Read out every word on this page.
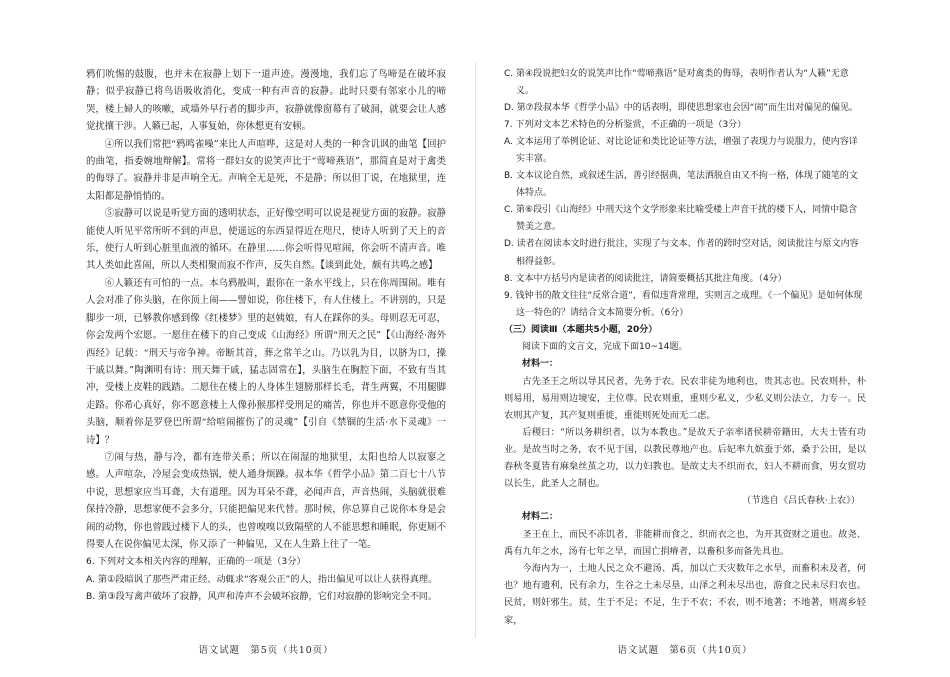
鸦们吮惕的鼓腹，也并未在寂静上划下一道声迹。漫漫地，我们忘了鸟啼是在破坏寂静；似乎寂静已将鸟语吸收消化，变成一种有声音的寂静。此时只要有邻家小儿的啼哭，楼上婦人的咳嗽，或墙外早行者的脚步声，寂静就像窗幕有了破洞，就要会让人感觉扰攘干涉。人籁已起，人事复始，你休想更有安顿。

④所以我们常把“鸦鸣雀噪”来比人声喧哗，这是对人类的一种含讥讽的曲笔【回护的曲笔，指委婉地辩解】。常将一群妇女的说笑声比于“莺啼燕语”，那简直是对于禽类的侮辱了。寂静并非是声响全无。声响全无是死，不是静；所以但丁说，在地狱里，连太阳都是静悄悄的。

⑤寂静可以说是听觉方面的透明状态，正好像空明可以说是视觉方面的寂静。寂静能使人听见平常所听不到的声息，使遥远的东西显得近在咫尺，使诗人听到了天上的音乐，使行人听到心脏里血液的循环。在静里……你会听得见喧闹，你会听不清声音。唯其人类如此喜闹，所以人类相聚而寂不作声，反失自然。【谈到此处，颇有共鸣之感】

⑥人籁还有可怕的一点。本乌鸦般叫，跟你在一条水平线上，只在你周围闹。唯有人会对准了你头脑，在你顶上闹——譬如说，你住楼下，有人住楼上。不讲别的，只是脚步一项，已够教你感到像《红楼梦》里的赵姨娘，有人在踩你的头。母则忍无可忍，你会发两个宏愿。一愿住在楼下的自己变成《山海经》所谓“刑天之民”【《山海经·海外西经》记载：“刑天与帝争神。帝断其首，葬之常羊之山。乃以乳为目，以脐为口，操干戚以舞。”陶渊明有诗：刑天舞干戚，猛志固常在】，头脑生在胸腔下面，不致有当其冲，受楼上皮鞋的践踏。二愿住在楼上的人身体生翅膀那样长毛，背生两翼，不用腿脚走路。你希心真好，你不愿意楼上人像孙猴那样受刑足的痛苦，你也并不愿意你受他的头脑，顺着你是罗登巴所谓“给喧闹摧伤了的灵魂”【引自《禁锢的生活·水下灵魂》一诗】？

⑦闹与热，静与冷，都有连带关系；所以在闹湿的地狱里，太阳也给人以寂寥之感。人声喧杂，冷屋会变成热锅，使人通身烦躁。叔本华《哲学小品》第二百七十八节中说，思想家应当耳聋，大有道理。因为耳朵不聋，必闻声音，声音热闹，头脑就很难保持冷静，思想家便不会多分，只能把偏见来代替。那时候，你总算自己说你本身是会闹的动物，你也曾践过楼下人的头，也曾嗅嗅以致隔壁的人不能思想和睡眠，你更厕不得要人在说你偏见太深，你又添了一种偏见，又在人生路上往了一笔。

6. 下列对文本相关内容的理解，正确的一项是（3分）

A. 第①段暗讽了那些严肃正经、动辄求“客观公正”的人，指出偏见可以让人获得真理。

B. 第③段写禽声破坏了寂静，风声和涛声不会破坏寂静，它们对寂静的影响完全不同。

语文试题　第5页（共10页）

C. 第④段说把妇女的说笑声比作“莺啼燕语”是对禽类的侮辱，表明作者认为“人籁”无意义。

D. 第⑦段叔本华《哲学小品》中的话表明，即使思想家也会因“闹”而生出对偏见的偏见。

7. 下列对文本艺术特色的分析鉴赏，不正确的一项是（3分）

A. 文本运用了举例论证、对比论证和类比论证等方法，增强了表现力与说服力，使内容详实丰富。

B. 文本议论自然，或叙述生活，善引经据典，笔法洒脱自由又不拘一格，体现了随笔的文体特点。

C. 第⑥段引《山海经》中刑天这个文学形象来比喻受楼上声音干扰的楼下人，同情中隐含赞美之意。

D. 读者在阅读本文时进行批注，实现了与文本、作者的跨时空对话，阅读批注与原文内容相得益彰。

8. 文本中方括号内是读者的阅读批注，请简要概括其批注角度。（4分）

9. 钱钟书的散文往往“反常合道”，看似违背常理，实则言之成理。《一个偏见》是如何体现这一特色的？请结合文本简要分析。（6分）

（三）阅读Ⅲ（本题共5小题，20分）

阅读下面的文言文，完成下面10~14题。

材料一：

古先圣王之所以导其民者，先务于农。民农非徒为地利也，贵其志也。民农则朴，朴则易用，易用则边境安，主位尊。民农则重，重则少私义，少私义则公法立，力专一。民农则其产复，其产复则重徙，重徙则死处而无二虑。

后稷曰：“所以务耕织者，以为本教也。”是故天子亲率诸侯耕帝籍田，大夫士皆有功业。是故当时之务，农不见于国，以教民尊地产也。后妃率九嫔蚕于郊，桑于公田，是以春秋冬夏皆有麻枲丝茧之功，以力妇教也。是故丈夫不织而衣，妇人不耕而食，男女贸功以长生，此圣人之制也。

（节选自《吕氏春秋·上农》）

材料二：

圣王在上，而民不冻饥者，非能耕而食之，织而衣之也，为开其资财之道也。故尧、禹有九年之水，汤有七年之旱，而国亡捐瘠者，以畜积多而备先具也。

今海内为一，土地人民之众不避汤、禹，加以亡天灾数年之水旱，而畜积未及者，何也？地有遗利，民有余力，生谷之土未尽垦，山泽之利未尽出也，游食之民未尽归农也。民贫，则奸邪生。贫，生于不足；不足，生于不农；不农，则不地著；不地著，则离乡轻家，

语文试题　第6页（共10页）
